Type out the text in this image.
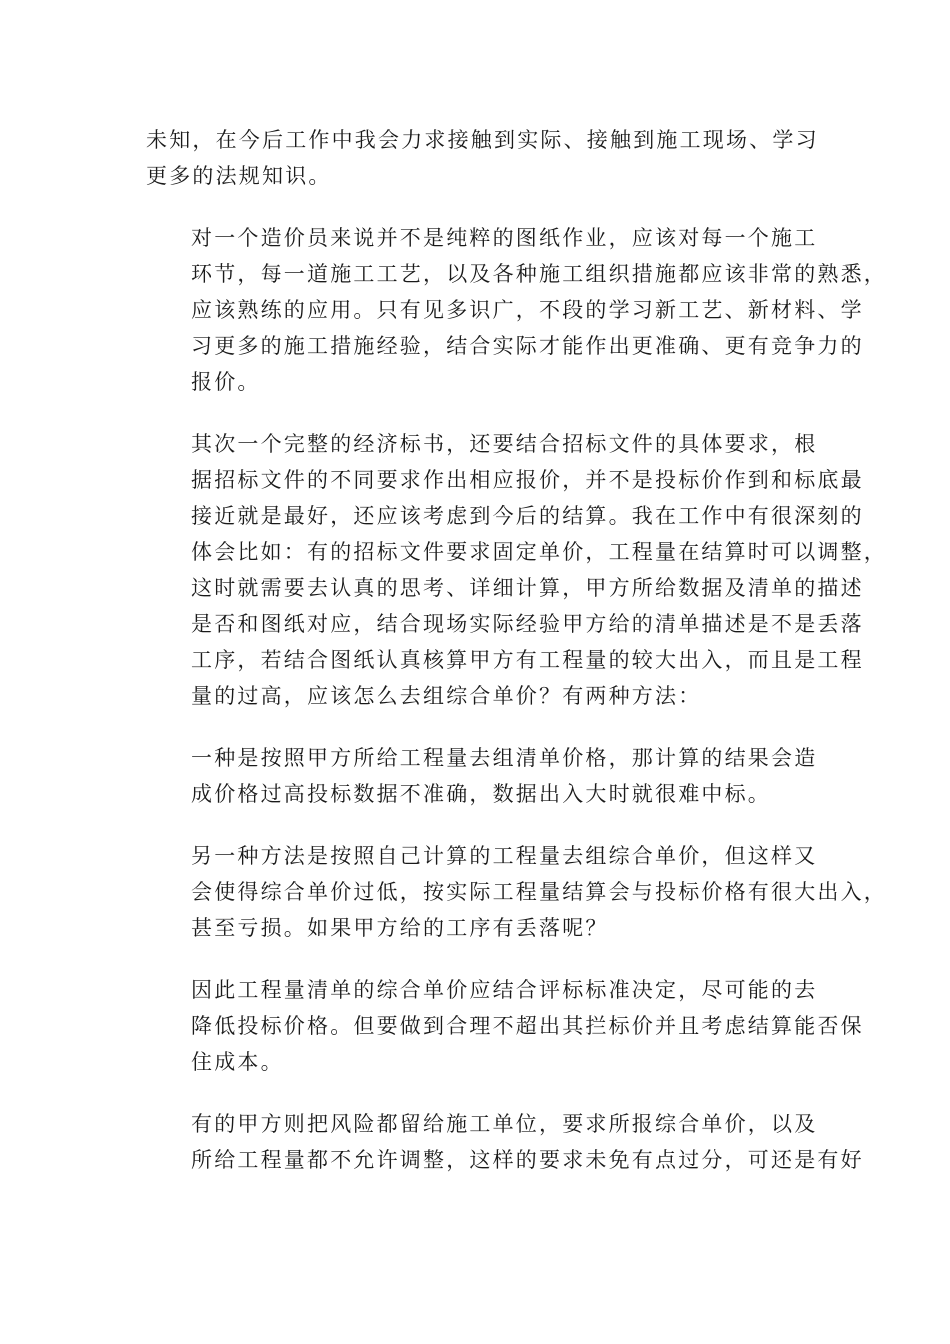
未知，在今后工作中我会力求接触到实际、接触到施工现场、学习
更多的法规知识。
对一个造价员来说并不是纯粹的图纸作业，应该对每一个施工
环节，每一道施工工艺，以及各种施工组织措施都应该非常的熟悉，
应该熟练的应用。只有见多识广，不段的学习新工艺、新材料、学
习更多的施工措施经验，结合实际才能作出更准确、更有竞争力的
报价。
其次一个完整的经济标书，还要结合招标文件的具体要求，根
据招标文件的不同要求作出相应报价，并不是投标价作到和标底最
接近就是最好，还应该考虑到今后的结算。我在工作中有很深刻的
体会比如：有的招标文件要求固定单价，工程量在结算时可以调整，
这时就需要去认真的思考、详细计算，甲方所给数据及清单的描述
是否和图纸对应，结合现场实际经验甲方给的清单描述是不是丢落
工序，若结合图纸认真核算甲方有工程量的较大出入，而且是工程
量的过高，应该怎么去组综合单价？有两种方法：
一种是按照甲方所给工程量去组清单价格，那计算的结果会造
成价格过高投标数据不准确，数据出入大时就很难中标。
另一种方法是按照自己计算的工程量去组综合单价，但这样又
会使得综合单价过低，按实际工程量结算会与投标价格有很大出入，
甚至亏损。如果甲方给的工序有丢落呢？
因此工程量清单的综合单价应结合评标标准决定，尽可能的去
降低投标价格。但要做到合理不超出其拦标价并且考虑结算能否保
住成本。
有的甲方则把风险都留给施工单位，要求所报综合单价，以及
所给工程量都不允许调整，这样的要求未免有点过分，可还是有好
